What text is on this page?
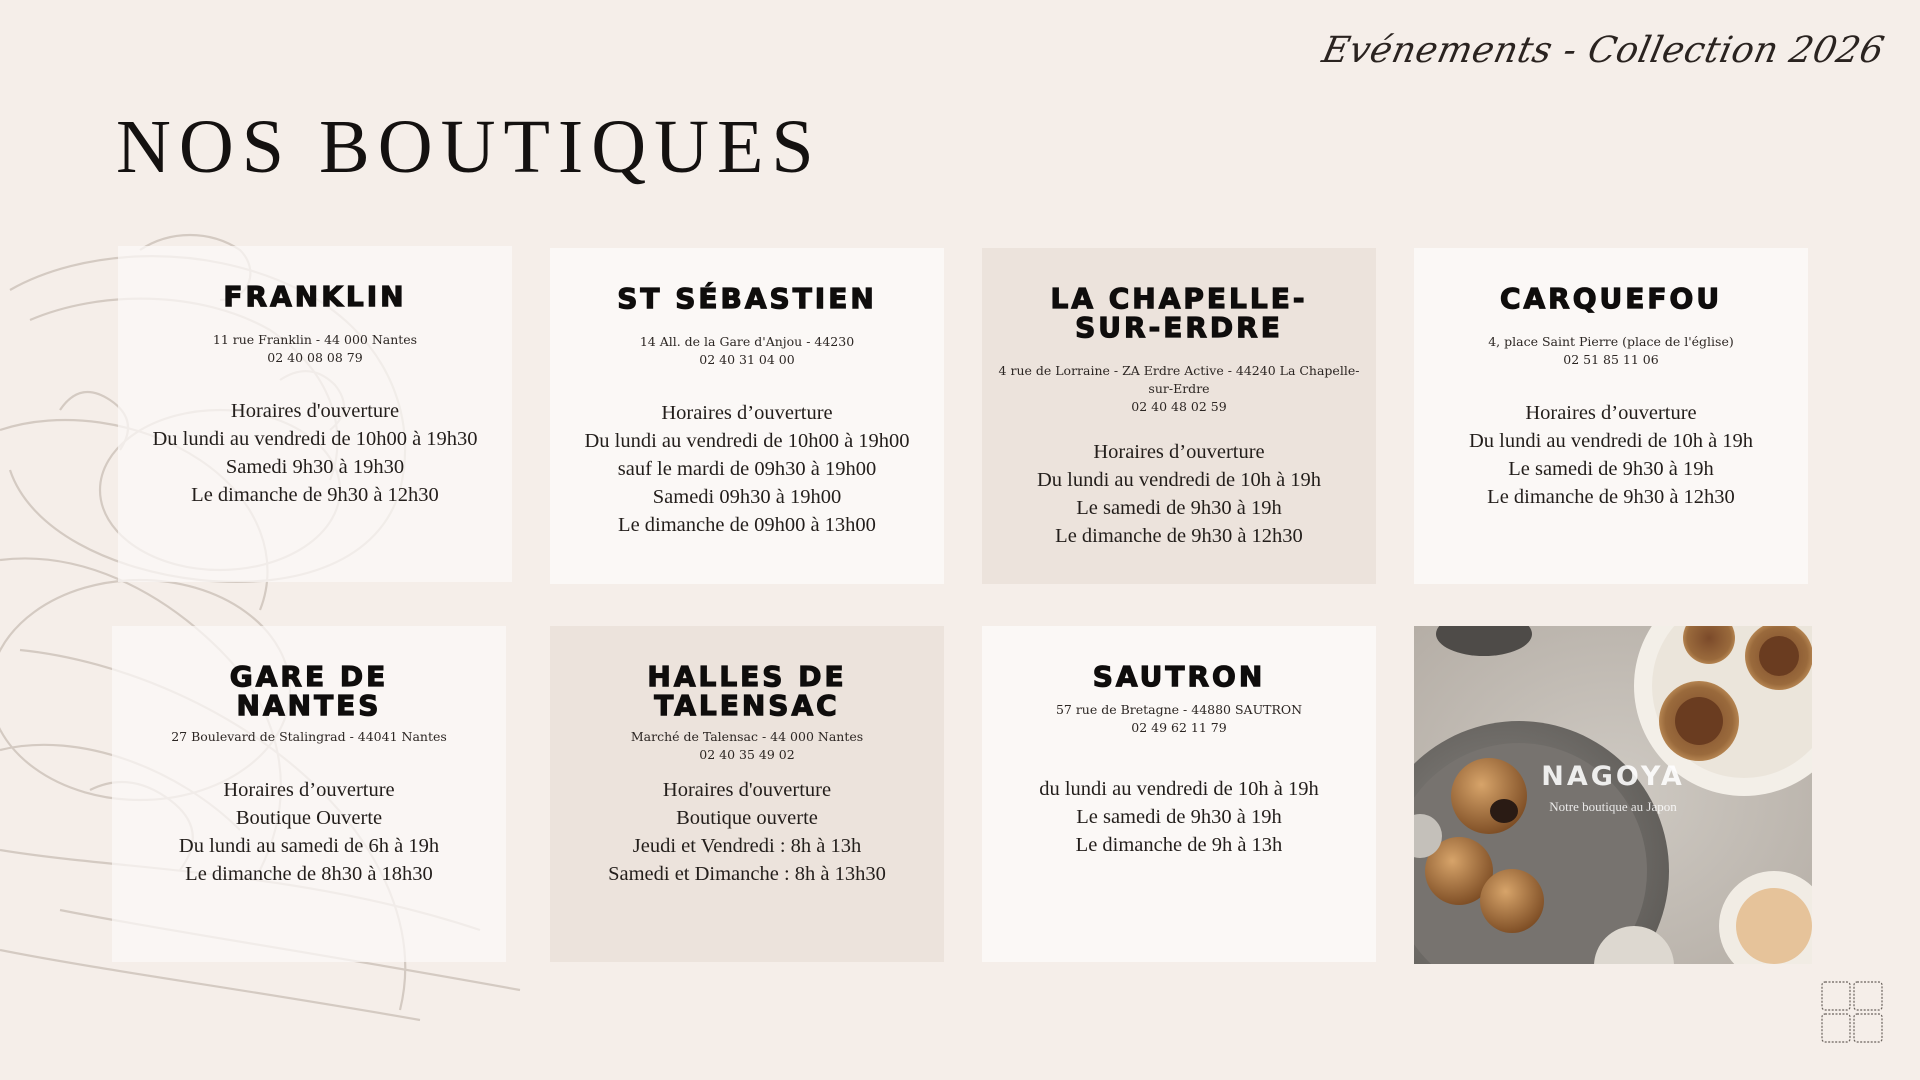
Evénements - Collection 2026
NOS BOUTIQUES
FRANKLIN
11 rue Franklin - 44 000 Nantes
02 40 08 08 79
Horaires d'ouverture
Du lundi au vendredi de 10h00 à 19h30
Samedi 9h30 à 19h30
Le dimanche de 9h30 à 12h30
ST SÉBASTIEN
14 All. de la Gare d'Anjou - 44230
02 40 31 04 00
Horaires d’ouverture
Du lundi au vendredi de 10h00 à 19h00
sauf le mardi de 09h30 à 19h00
Samedi 09h30 à 19h00
Le dimanche de 09h00 à 13h00
LA CHAPELLE-
SUR-ERDRE
4 rue de Lorraine - ZA Erdre Active - 44240 La Chapelle-
sur-Erdre
02 40 48 02 59
Horaires d’ouverture
Du lundi au vendredi de 10h à 19h
Le samedi de 9h30 à 19h
Le dimanche de 9h30 à 12h30
CARQUEFOU
4, place Saint Pierre (place de l'église)
02 51 85 11 06
Horaires d’ouverture
Du lundi au vendredi de 10h à 19h
Le samedi de 9h30 à 19h
Le dimanche de 9h30 à 12h30
GARE DE
NANTES
27 Boulevard de Stalingrad - 44041 Nantes
Horaires d’ouverture
Boutique Ouverte
Du lundi au samedi de 6h à 19h
Le dimanche de 8h30 à 18h30
HALLES DE
TALENSAC
Marché de Talensac - 44 000 Nantes
02 40 35 49 02
Horaires d'ouverture
Boutique ouverte
Jeudi et Vendredi : 8h à 13h
Samedi et Dimanche : 8h à 13h30
SAUTRON
57 rue de Bretagne - 44880 SAUTRON
02 49 62 11 79
du lundi au vendredi de 10h à 19h
Le samedi de 9h30 à 19h
Le dimanche de 9h à 13h
NAGOYA
Notre boutique au Japon
